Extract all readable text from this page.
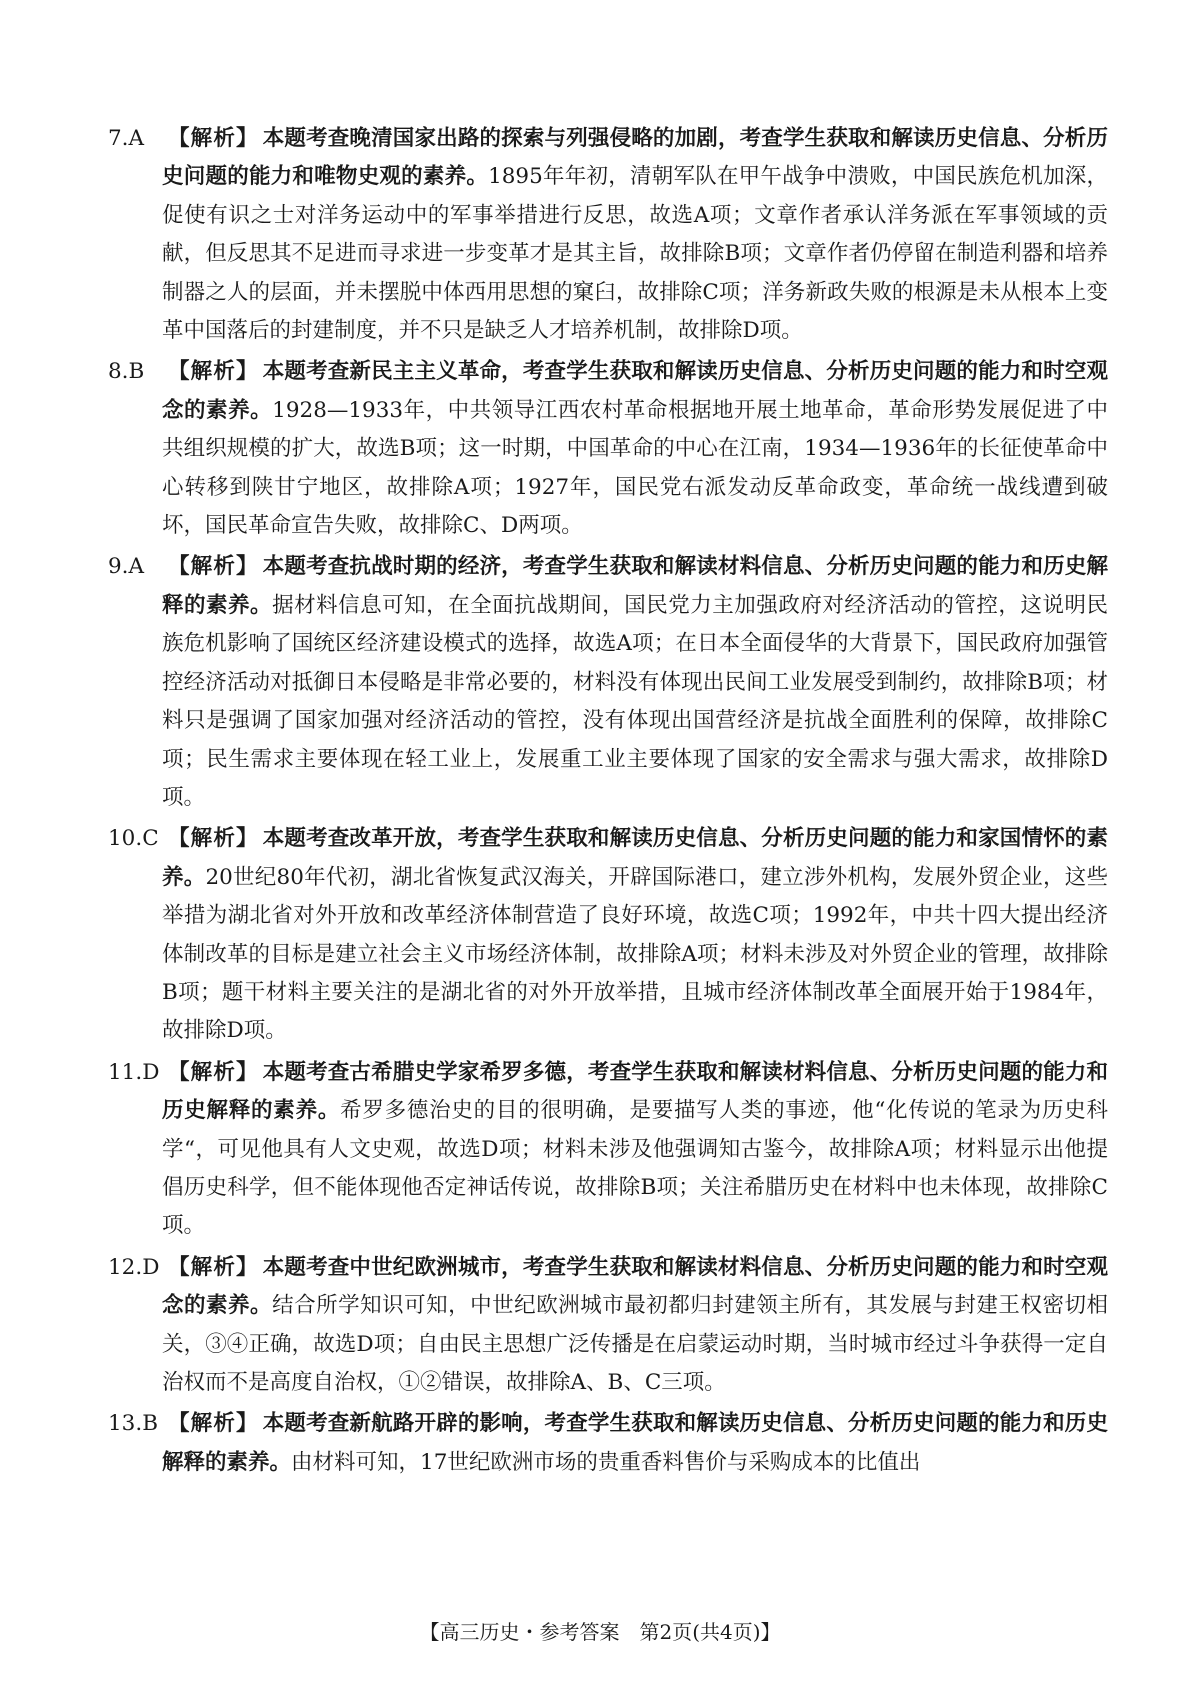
7.A	【解析】 本题考查晚清国家出路的探索与列强侵略的加剧，考查学生获取和解读历史信息、分析历史问题的能力和唯物史观的素养。1895年年初，清朝军队在甲午战争中溃败，中国民族危机加深，促使有识之士对洋务运动中的军事举措进行反思，故选A项；文章作者承认洋务派在军事领域的贡献，但反思其不足进而寻求进一步变革才是其主旨，故排除B项；文章作者仍停留在制造利器和培养制器之人的层面，并未摆脱中体西用思想的窠臼，故排除C项；洋务新政失败的根源是未从根本上变革中国落后的封建制度，并不只是缺乏人才培养机制，故排除D项。
8.B	【解析】 本题考查新民主主义革命，考查学生获取和解读历史信息、分析历史问题的能力和时空观念的素养。1928—1933年，中共领导江西农村革命根据地开展土地革命，革命形势发展促进了中共组织规模的扩大，故选B项；这一时期，中国革命的中心在江南，1934—1936年的长征使革命中心转移到陕甘宁地区，故排除A项；1927年，国民党右派发动反革命政变，革命统一战线遭到破坏，国民革命宣告失败，故排除C、D两项。
9.A	【解析】 本题考查抗战时期的经济，考查学生获取和解读材料信息、分析历史问题的能力和历史解释的素养。据材料信息可知，在全面抗战期间，国民党力主加强政府对经济活动的管控，这说明民族危机影响了国统区经济建设模式的选择，故选A项；在日本全面侵华的大背景下，国民政府加强管控经济活动对抵御日本侵略是非常必要的，材料没有体现出民间工业发展受到制约，故排除B项；材料只是强调了国家加强对经济活动的管控，没有体现出国营经济是抗战全面胜利的保障，故排除C项；民生需求主要体现在轻工业上，发展重工业主要体现了国家的安全需求与强大需求，故排除D项。
10.C 【解析】 本题考查改革开放，考查学生获取和解读历史信息、分析历史问题的能力和家国情怀的素养。20世纪80年代初，湖北省恢复武汉海关，开辟国际港口，建立涉外机构，发展外贸企业，这些举措为湖北省对外开放和改革经济体制营造了良好环境，故选C项；1992年，中共十四大提出经济体制改革的目标是建立社会主义市场经济体制，故排除A项；材料未涉及对外贸企业的管理，故排除B项；题干材料主要关注的是湖北省的对外开放举措，且城市经济体制改革全面展开始于1984年，故排除D项。
11.D 【解析】 本题考查古希腊史学家希罗多德，考查学生获取和解读材料信息、分析历史问题的能力和历史解释的素养。希罗多德治史的目的很明确，是要描写人类的事迹，他“化传说的笔录为历史科学“，可见他具有人文史观，故选D项；材料未涉及他强调知古鉴今，故排除A项；材料显示出他提倡历史科学，但不能体现他否定神话传说，故排除B项；关注希腊历史在材料中也未体现，故排除C项。
12.D 【解析】 本题考查中世纪欧洲城市，考查学生获取和解读材料信息、分析历史问题的能力和时空观念的素养。结合所学知识可知，中世纪欧洲城市最初都归封建领主所有，其发展与封建王权密切相关，③④正确，故选D项；自由民主思想广泛传播是在启蒙运动时期，当时城市经过斗争获得一定自治权而不是高度自治权，①②错误，故排除A、B、C三项。
13.B 【解析】 本题考查新航路开辟的影响，考查学生获取和解读历史信息、分析历史问题的能力和历史解释的素养。由材料可知，17世纪欧洲市场的贵重香料售价与采购成本的比值出
【高三历史・参考答案　第2页(共4页)】
